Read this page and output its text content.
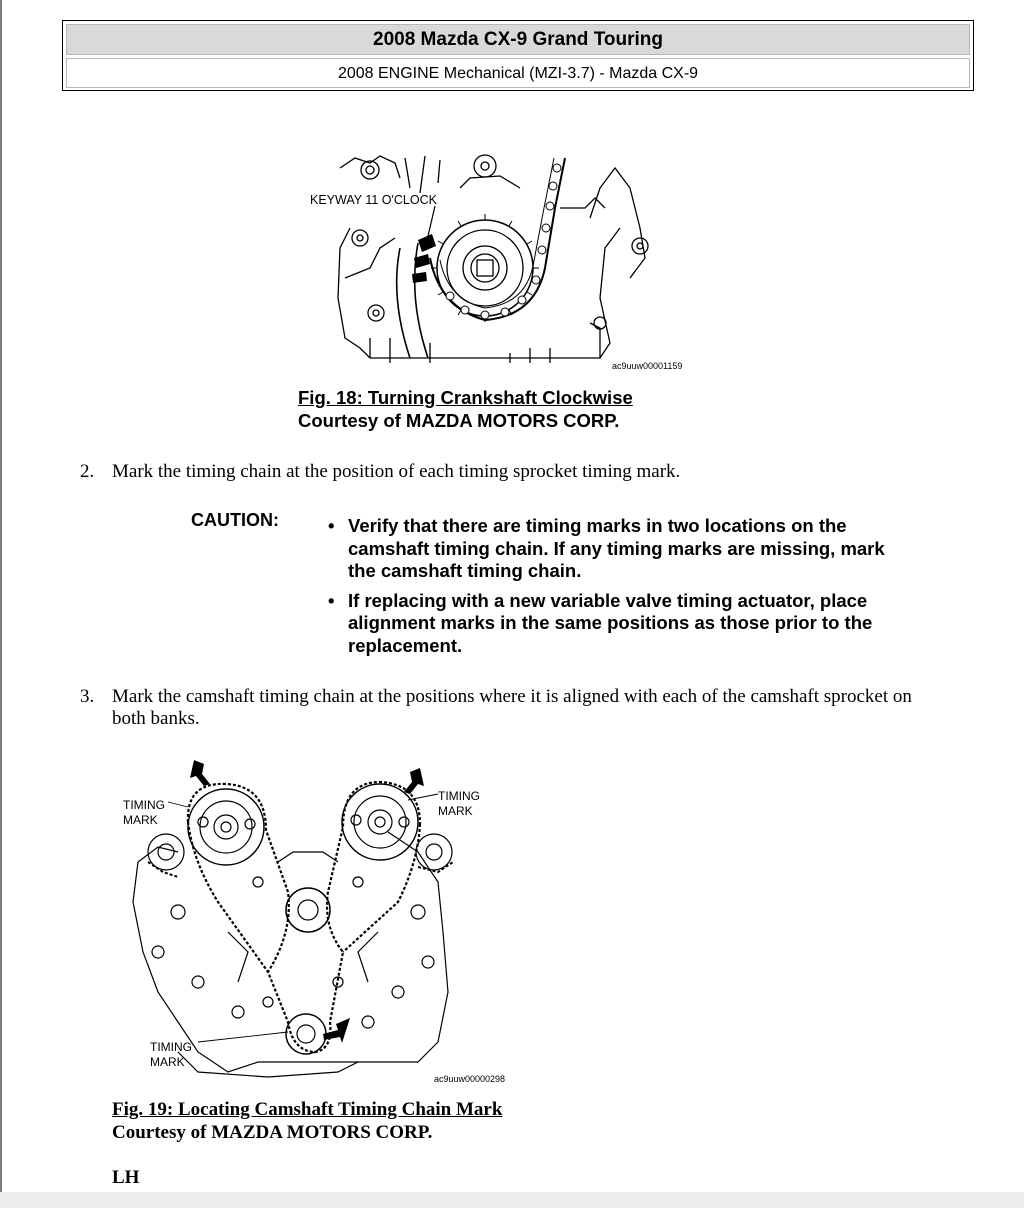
2008 Mazda CX-9 Grand Touring
2008 ENGINE Mechanical (MZI-3.7) - Mazda CX-9
KEYWAY 11 O'CLOCK
ac9uuw00001159
Fig. 18: Turning Crankshaft Clockwise
Courtesy of MAZDA MOTORS CORP.
2. Mark the timing chain at the position of each timing sprocket timing mark.
CAUTION:	• Verify that there are timing marks in two locations on the
camshaft timing chain. If any timing marks are missing, mark
the camshaft timing chain.
• If replacing with a new variable valve timing actuator, place
alignment marks in the same positions as those prior to the
replacement.
3. Mark the camshaft timing chain at the positions where it is aligned with each of the camshaft sprocket on
both banks.
TIMING
MARK
TIMING
MARK
TIMING
MARK
ac9uuw00000298
Fig. 19: Locating Camshaft Timing Chain Mark
Courtesy of MAZDA MOTORS CORP.
LH
